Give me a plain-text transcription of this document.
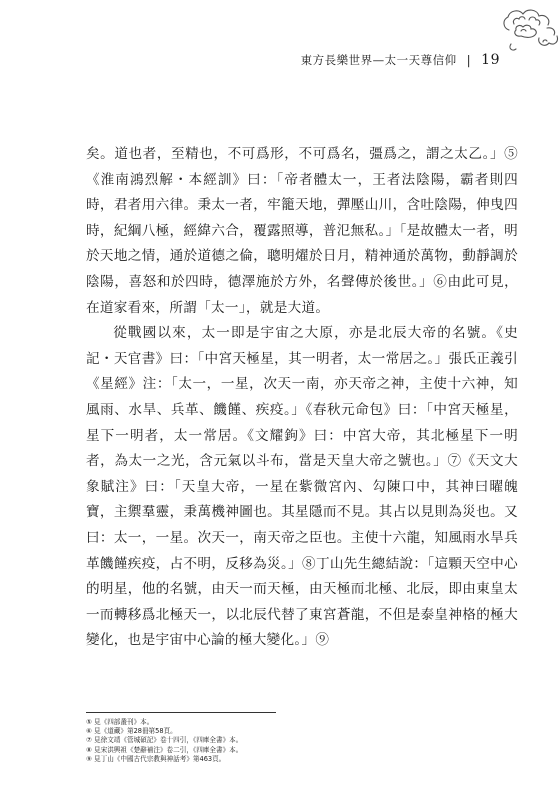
東方長樂世界—太一天尊信仰 | 19

矣。道也者，至精也，不可爲形，不可爲名，彊爲之，謂之太乙。」⑤《淮南鴻烈解・本經訓》曰：「帝者體太一，王者法陰陽，霸者則四時，君者用六律。秉太一者，牢籠天地，彈壓山川，含吐陰陽，伸曳四時，紀綱八極，經緯六合，覆露照導，普氾無私。」「是故體太一者，明於天地之情，通於道德之倫，聰明燿於日月，精神通於萬物，動靜調於陰陽，喜怒和於四時，德澤施於方外，名聲傳於後世。」⑥由此可見，在道家看來，所謂「太一」，就是大道。

從戰國以來，太一即是宇宙之大原，亦是北辰大帝的名號。《史記・天官書》曰：「中宮天極星，其一明者，太一常居之。」張氏正義引《星經》注：「太一，一星，次天一南，亦天帝之神，主使十六神，知風雨、水旱、兵革、饑饉、疾疫。」《春秋元命包》曰：「中宮天極星，星下一明者，太一常居。《文耀鉤》曰：中宮大帝，其北極星下一明者，為太一之光，含元氣以斗布，當是天皇大帝之號也。」⑦《天文大象賦注》曰：「天皇大帝，一星在紫微宮內、勾陳口中，其神曰曜魄寶，主禦羣靈，秉萬機神圖也。其星隱而不見。其占以見則為災也。又曰：太一，一星。次天一，南天帝之臣也。主使十六龍，知風雨水旱兵革饑饉疾疫，占不明，反移為災。」⑧丁山先生總結說：「這顆天空中心的明星，他的名號，由天一而天極，由天極而北極、北辰，即由東皇太一而轉移爲北極天一，以北辰代替了東宮蒼龍，不但是泰皇神格的極大變化，也是宇宙中心論的極大變化。」⑨

⑤ 見《四部叢刊》本。
⑥ 見《道藏》第28冊第58頁。
⑦ 見徐文靖《管城碩記》卷十四引，《四庫全書》本。
⑧ 見宋洪興祖《楚辭補注》卷二引，《四庫全書》本。
⑨ 見丁山《中國古代宗教與神話考》第463頁。
